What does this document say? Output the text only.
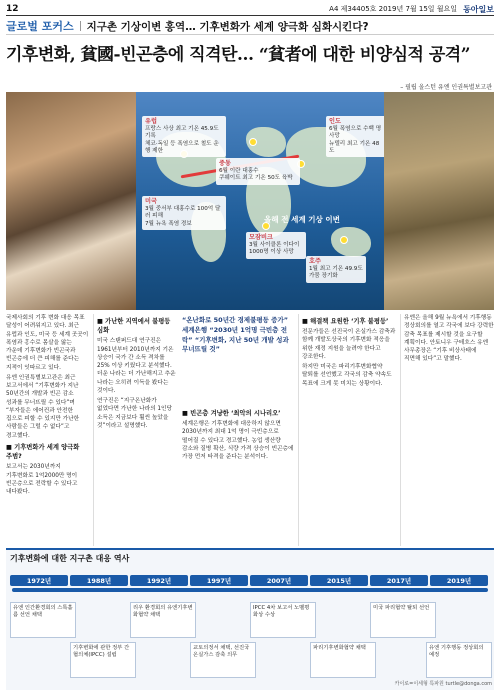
12	A4 제34405호 2019년 7월 15일 월요일 동아일보
글로벌 포커스 지구촌 기상이변 홍역… 기후변화가 세계 양극화 심화시킨다?
기후변화, 貧國-빈곤층에 직격탄… “貧者에 대한 비양심적 공격”
– 필립 올스턴 유엔 인권특별보고관
유럽
프랑스 사상 최고 기온 45.9도 기록
체코·독일 등 폭염으로 철도 운행 제한
인도
6월 폭염으로 수백 명 사망
뉴델리 최고 기온 48도
중동
6월 이란 대홍수
쿠웨이트 최고 기온 50도 육박
미국
3월 중서부 대홍수로 100억 달러 피해
7월 뉴욕 폭염 경보
모잠비크
3월 사이클론 이다이
1000명 이상 사망
호주
1월 최고 기온 49.9도
가뭄 장기화
올해 전 세계 기상 이변

국제사회의 기후 변화 대응 목표 달성이 어려워지고 있다. 최근 유럽과 인도, 미국 등 세계 곳곳이 폭염과 홍수로 몸살을 앓는 가운데 기후변화가 빈곤국과 빈곤층에 더 큰 피해를 준다는 지적이 잇따르고 있다.

유엔 인권특별보고관은 최근 보고서에서 “기후변화가 지난 50년간의 개발과 빈곤 감소 성과를 무너뜨릴 수 있다”며 “부자들은 에어컨과 안전한 집으로 피할 수 있지만 가난한 사람들은 그럴 수 없다”고 경고했다.

■ 기후변화가 세계 양극화 주범?

보고서는 2030년까지 기후변화로 1억2000만 명이 빈곤층으로 전락할 수 있다고 내다봤다.

■ 가난한 지역에서 불평등 심화

미국 스탠퍼드대 연구진은 1961년부터 2010년까지 기온 상승이 국가 간 소득 격차를 25% 이상 키웠다고 분석했다. 더운 나라는 더 가난해지고 추운 나라는 오히려 이득을 봤다는 것이다.

연구진은 “지구온난화가 없었다면 가난한 나라의 1인당 소득은 지금보다 훨씬 높았을 것”이라고 설명했다.

“온난화로 50년간 경제불평등 증가” 세계은행 “2030년 1억명 극빈층 전락” “기후변화, 지난 50년 개발 성과 무너뜨릴 것”
■ 빈곤층 겨냥한 ‘최악의 시나리오’

세계은행은 기후변화에 대응하지 않으면 2030년까지 최대 1억 명이 극빈층으로 떨어질 수 있다고 경고했다. 농업 생산량 감소와 질병 확산, 식량 가격 상승이 빈곤층에 가장 먼저 타격을 준다는 분석이다.

■ 해결책 요원한 ‘기후 불평등’

전문가들은 선진국이 온실가스 감축과 함께 개발도상국의 기후변화 적응을 위한 재정 지원을 늘려야 한다고 강조한다.

하지만 미국은 파리기후변화협약 탈퇴를 선언했고 각국의 감축 약속도 목표에 크게 못 미치는 상황이다.

유엔은 올해 9월 뉴욕에서 기후행동 정상회의를 열고 각국에 보다 강력한 감축 목표를 제시할 것을 요구할 계획이다. 안토니우 구테흐스 유엔 사무총장은 “기후 비상사태에 직면해 있다”고 말했다.

기후변화에 대한 지구촌 대응 역사
1972년
유엔 인간환경회의 스톡홀름 선언 채택
1988년
기후변화에 관한 정부 간 협의체(IPCC) 설립
1992년
리우 환경회의 유엔기후변화협약 채택
1997년
교토의정서 채택, 선진국 온실가스 감축 의무
2007년
IPCC 4차 보고서 노벨평화상 수상
2015년
파리기후변화협약 채택
2017년
미국 파리협약 탈퇴 선언
2019년
유엔 기후행동 정상회의 예정
카이로=이세형 특파원 turtle@donga.com
